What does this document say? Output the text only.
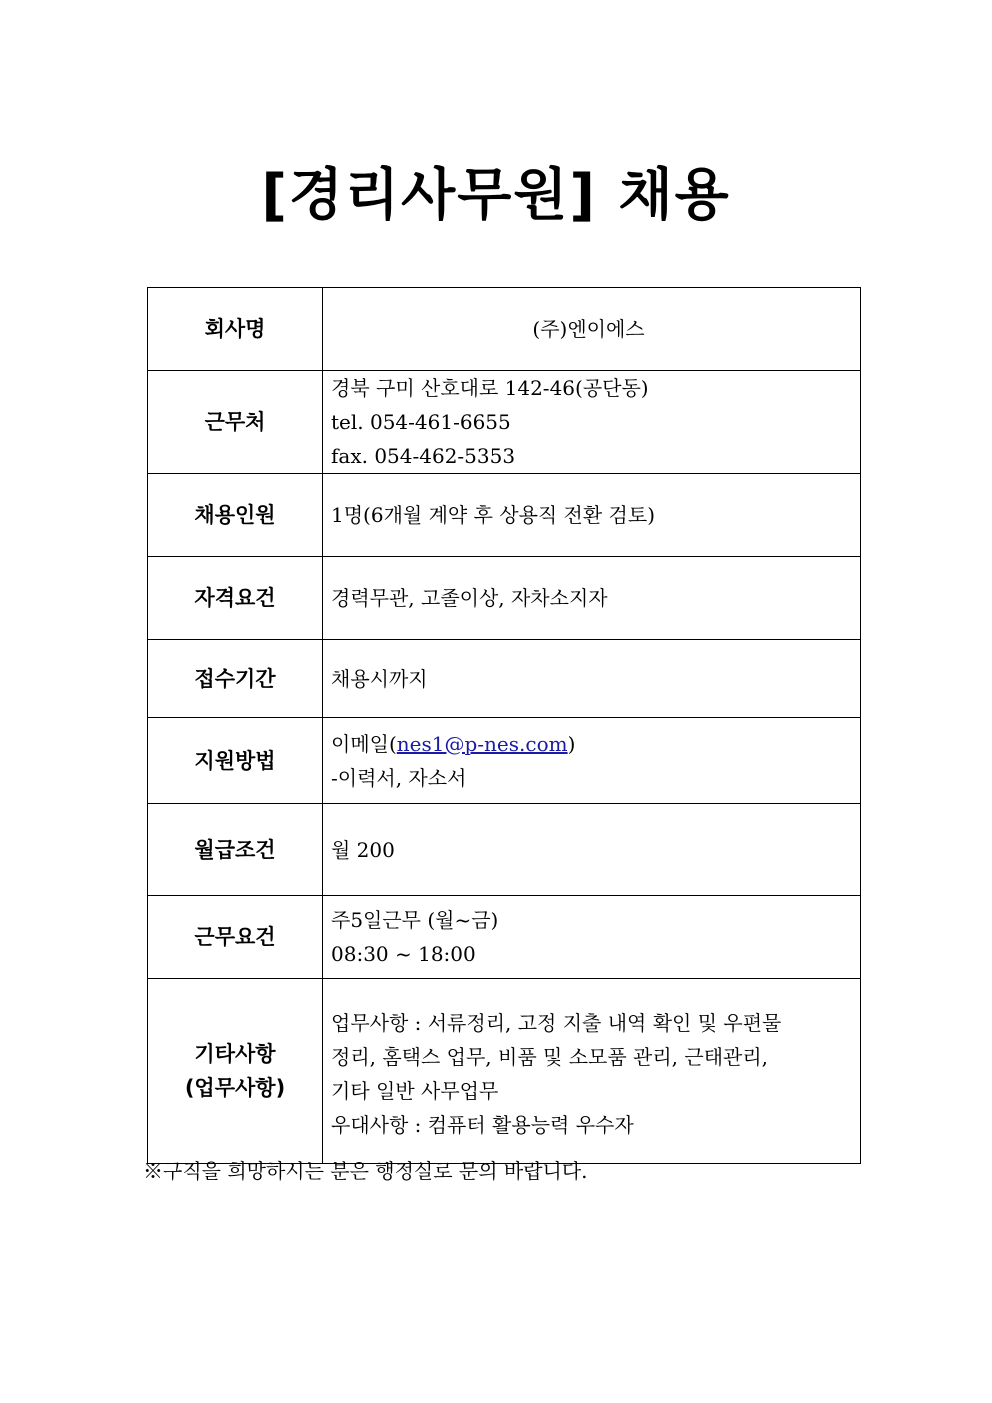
[경리사무원] 채용
회사명	(주)엔이에스
근무처	경북 구미 산호대로 142-46(공단동)
tel. 054-461-6655
fax. 054-462-5353

채용인원	1명(6개월 계약 후 상용직 전환 검토)
자격요건	경력무관, 고졸이상, 자차소지자
접수기간	채용시까지
지원방법	이메일(nes1@p-nes.com)
-이력서, 자소서

월급조건	월 200
근무요건	주5일근무 (월~금)
08:30 ~ 18:00

기타사항
(업무사항)	업무사항 : 서류정리, 고정 지출 내역 확인 및 우편물
정리, 홈택스 업무, 비품 및 소모품 관리, 근태관리,
기타 일반 사무업무
우대사항 : 컴퓨터 활용능력 우수자
※구직을 희망하시는 분은 행정실로 문의 바랍니다.
